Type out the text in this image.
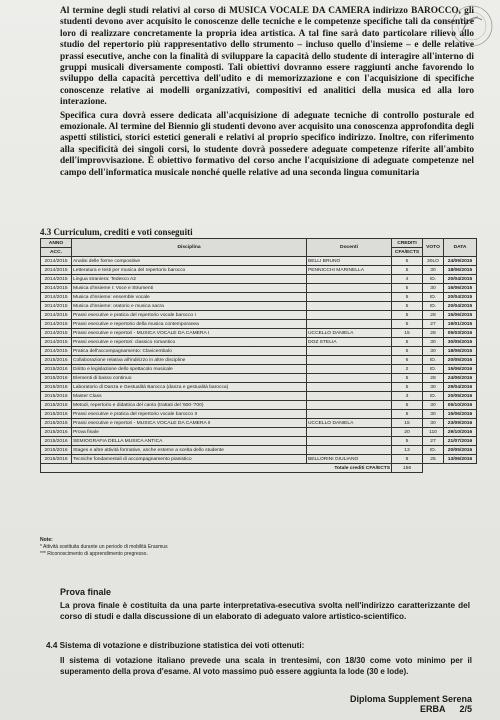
Al termine degli studi relativi al corso di MUSICA VOCALE DA CAMERA indirizzo BAROCCO, gli studenti devono aver acquisito le conoscenze delle tecniche e le competenze specifiche tali da consentire loro di realizzare concretamente la propria idea artistica. A tal fine sarà dato particolare rilievo allo studio del repertorio più rappresentativo dello strumento – incluso quello d'insieme – e delle relative prassi esecutive, anche con la finalità di sviluppare la capacità dello studente di interagire all'interno di gruppi musicali diversamente composti. Tali obiettivi dovranno essere raggiunti anche favorendo lo sviluppo della capacità percettiva dell'udito e di memorizzazione e con l'acquisizione di specifiche conoscenze relative ai modelli organizzativi, compositivi ed analitici della musica ed alla loro interazione.

Specifica cura dovrà essere dedicata all'acquisizione di adeguate tecniche di controllo posturale ed emozionale. Al termine del Biennio gli studenti devono aver acquisito una conoscenza approfondita degli aspetti stilistici, storici estetici generali e relativi al proprio specifico indirizzo. Inoltre, con riferimento alla specificità dei singoli corsi, lo studente dovrà possedere adeguate competenze riferite all'ambito dell'improvvisazione. È obiettivo formativo del corso anche l'acquisizione di adeguate competenze nel campo dell'informatica musicale nonché quelle relative ad una seconda lingua comunitaria

4.3 Curriculum, crediti e voti conseguiti
ANNO	Disciplina	Docenti	CREDITI	VOTO	DATA
ACC.			CFA/ECTS		
2014/2015	Analisi delle forme compositive	BELLI BRUNO	5	30LO	24/09/2015
2014/2015	Letteratura e testi per musica del repertorio barocco	PENNICCHI MARINELLA	5	30	18/06/2015
2014/2015	Lingua straniera: Tedesco A2		4	ID.	20/04/2015
2014/2015	Musica d'insieme I: Voce e Strumenti		5	30	16/06/2015
2014/2015	Musica d'insieme: ensemble vocale		5	ID.	20/04/2015
2014/2015	Musica d'insieme: oratorio e musica sacra		5	ID.	20/04/2015
2014/2015	Prassi esecutive e pratica del repertorio vocale barocco I		5	28	15/06/2015
2014/2015	Prassi esecutive e repertorio della musica contemporanea		5	27	19/01/2015
2014/2015	Prassi esecutive e repertori - MUSICA VOCALE DA CAMERA I	UCCELLO DANIELA	15	28	05/03/2016
2014/2015	Prassi esecutive e repertori: classico romantico	DOZ STELIA	5	30	30/05/2015
2014/2015	Pratica dell'accompagnamento: Clavicembalo		5	30	18/06/2015
2015/2016	Collaborazione relativa all'indirizzo in altre discipline		6	ID.	20/05/2016
2015/2016	Diritto e legislazione dello spettacolo musicale		2	ID.	15/06/2016
2015/2016	Elementi di basso continuo		5	28	24/06/2016
2015/2016	Laboratorio di Danza e Gestualità Barocca (danza e gestualità barocca)		5	30	29/04/2016
2015/2016	Master Class		3	ID.	20/05/2016
2015/2016	Metodi, repertorio e didattica del canto (trattati del '600-'700)		5	30	05/10/2016
2015/2016	Prassi esecutive e pratica del repertorio vocale barocco II		5	30	15/06/2016
2015/2016	Prassi esecutive e repertori - MUSICA VOCALE DA CAMERA II	UCCELLO DANIELA	15	30	23/09/2016
2015/2016	Prova finale		20	110	29/10/2016
2015/2016	SEMIOGRAFIA DELLA MUSICA ANTICA		5	27	21/07/2016
2015/2016	Stages e altre attività formative, anche esterne a scelta dello studente		13	ID.	20/05/2016
2015/2016	Tecniche fondamentali di accompagnamento pianistico	BELLORINI GIULIANO	8	25	13/06/2016
Totale crediti CFA/ECTS			156		
Note:
* Attività sostituita durante un periodo di mobilità Erasmus
*** Riconoscimento di apprendimento pregresso.
Prova finale
La prova finale è costituita da una parte interpretativa-esecutiva svolta nell'indirizzo caratterizzante del corso di studi e dalla discussione di un elaborato di adeguato valore artistico-scientifico.
4.4 Sistema di votazione e distribuzione statistica dei voti ottenuti:
Il sistema di votazione italiano prevede una scala in trentesimi, con 18/30 come voto minimo per il superamento della prova d'esame. Al voto massimo può essere aggiunta la lode (30 e lode).
Diploma Supplement Serena ERBA 2/5
